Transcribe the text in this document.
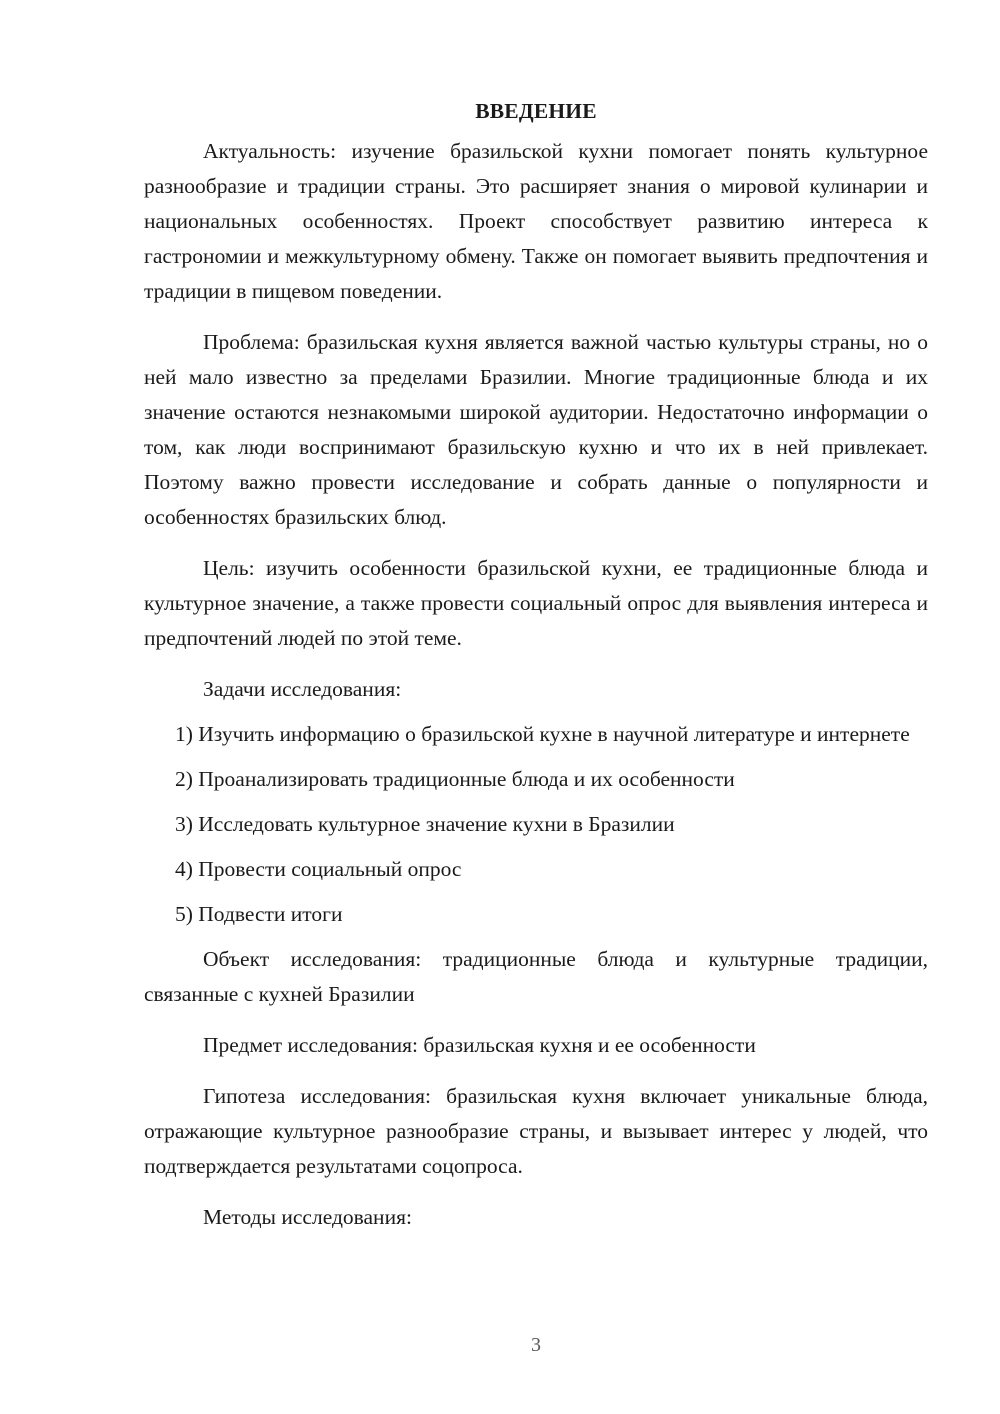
ВВЕДЕНИЕ

Актуальность: изучение бразильской кухни помогает понять культурное разнообразие и традиции страны. Это расширяет знания о мировой кулинарии и национальных особенностях. Проект способствует развитию интереса к гастрономии и межкультурному обмену. Также он помогает выявить предпочтения и традиции в пищевом поведении.

Проблема: бразильская кухня является важной частью культуры страны, но о ней мало известно за пределами Бразилии. Многие традиционные блюда и их значение остаются незнакомыми широкой аудитории. Недостаточно информации о том, как люди воспринимают бразильскую кухню и что их в ней привлекает. Поэтому важно провести исследование и собрать данные о популярности и особенностях бразильских блюд.

Цель: изучить особенности бразильской кухни, ее традиционные блюда и культурное значение, а также провести социальный опрос для выявления интереса и предпочтений людей по этой теме.

Задачи исследования:

1) Изучить информацию о бразильской кухне в научной литературе и интернете

2) Проанализировать традиционные блюда и их особенности

3) Исследовать культурное значение кухни в Бразилии

4) Провести социальный опрос

5) Подвести итоги

Объект исследования: традиционные блюда и культурные традиции, связанные с кухней Бразилии

Предмет исследования: бразильская кухня и ее особенности

Гипотеза исследования: бразильская кухня включает уникальные блюда, отражающие культурное разнообразие страны, и вызывает интерес у людей, что подтверждается результатами соцопроса.

Методы исследования:

3
